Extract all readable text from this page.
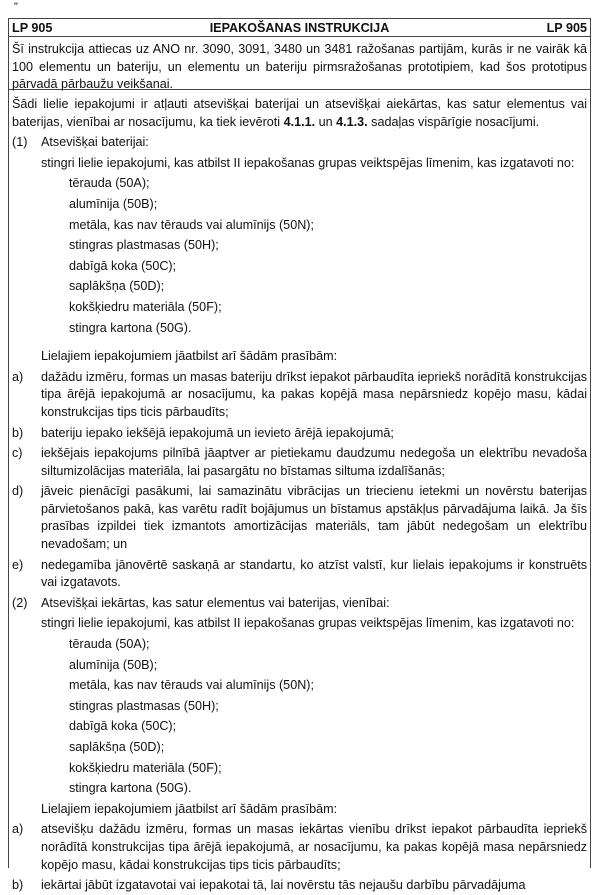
"
LP 905	IEPAKOŠANAS INSTRUKCIJA	LP 905
Šī instrukcija attiecas uz ANO nr. 3090, 3091, 3480 un 3481 ražošanas partijām, kurās ir ne vairāk kā 100 elementu un bateriju, un elementu un bateriju pirmsražošanas prototipiem, kad šos prototipus pārvadā pārbaužu veikšanai.

Šādi lielie iepakojumi ir atļauti atsevišķai baterijai un atsevišķai aiekārtas, kas satur elementus vai baterijas, vienībai ar nosacījumu, ka tiek ievēroti 4.1.1. un 4.1.3. sadaļas vispārīgie nosacījumi.

(1)	Atsevišķai baterijai:
stingri lielie iepakojumi, kas atbilst II iepakošanas grupas veiktspējas līmenim, kas izgatavoti no:
tērauda (50A);
alumīnija (50B);
metāla, kas nav tērauds vai alumīnijs (50N);
stingras plastmasas (50H);
dabīgā koka (50C);
saplākšņa (50D);
kokšķiedru materiāla (50F);
stingra kartona (50G).
Lielajiem iepakojumiem jāatbilst arī šādām prasībām:
a)	dažādu izmēru, formas un masas bateriju drīkst iepakot pārbaudīta iepriekš norādītā konstrukcijas tipa ārējā iepakojumā ar nosacījumu, ka pakas kopējā masa nepārsniedz kopējo masu, kādai konstrukcijas tips ticis pārbaudīts;
b)	bateriju iepako iekšējā iepakojumā un ievieto ārējā iepakojumā;
c)	iekšējais iepakojums pilnībā jāaptver ar pietiekamu daudzumu nedegoša un elektrību nevadoša siltumizolācijas materiāla, lai pasargātu no bīstamas siltuma izdalīšanās;
d)	jāveic pienācīgi pasākumi, lai samazinātu vibrācijas un triecienu ietekmi un novērstu baterijas pārvietošanos pakā, kas varētu radīt bojājumus un bīstamus apstākļus pārvadājuma laikā. Ja šīs prasības izpildei tiek izmantots amortizācijas materiāls, tam jābūt nedegošam un elektrību nevadošam; un
e)	nedegamība jānovērtē saskaņā ar standartu, ko atzīst valstī, kur lielais iepakojums ir konstruēts vai izgatavots.
(2)	Atsevišķai iekārtas, kas satur elementus vai baterijas, vienībai:
stingri lielie iepakojumi, kas atbilst II iepakošanas grupas veiktspējas līmenim, kas izgatavoti no:
tērauda (50A);
alumīnija (50B);
metāla, kas nav tērauds vai alumīnijs (50N);
stingras plastmasas (50H);
dabīgā koka (50C);
saplākšņa (50D);
kokšķiedru materiāla (50F);
stingra kartona (50G).
Lielajiem iepakojumiem jāatbilst arī šādām prasībām:
a)	atsevišķu dažādu izmēru, formas un masas iekārtas vienību drīkst iepakot pārbaudīta iepriekš norādītā konstrukcijas tipa ārējā iepakojumā, ar nosacījumu, ka pakas kopējā masa nepārsniedz kopējo masu, kādai konstrukcijas tips ticis pārbaudīts;
b)	iekārtai jābūt izgatavotai vai iepakotai tā, lai novērstu tās nejaušu darbību pārvadājuma
